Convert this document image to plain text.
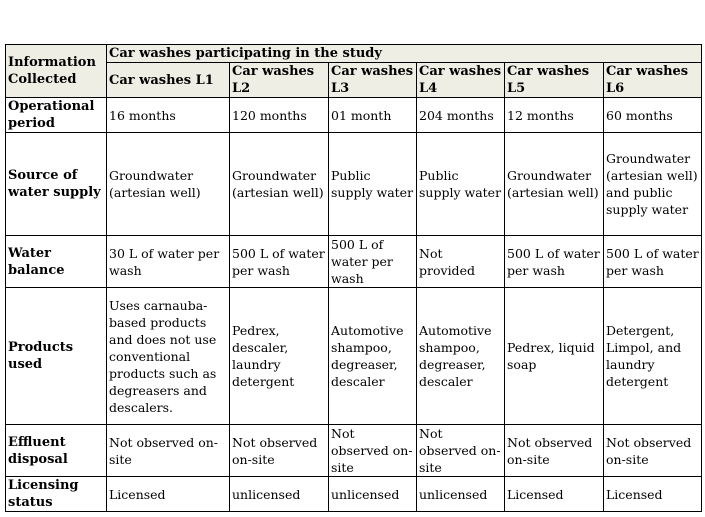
Information Collected	Car washes participating in the study					
	Car washes L1	Car washes L2	Car washes L3	Car washes L4	Car washes L5	Car washes L6
Operational period	16 months	120 months	01 month	204 months	12 months	60 months
Source of water supply	Groundwater (artesian well)	Groundwater (artesian well)	Public supply water	Public supply water	Groundwater (artesian well)	Groundwater (artesian well) and public supply water
Water balance	30 L of water per wash	500 L of water per wash	500 L of water per wash	Not provided	500 L of water per wash	500 L of water per wash
Products used	Uses carnauba-based products and does not use conventional products such as degreasers and descalers.	Pedrex, descaler, laundry detergent	Automotive shampoo, degreaser, descaler	Automotive shampoo, degreaser, descaler	Pedrex, liquid soap	Detergent, Limpol, and laundry detergent
Effluent disposal	Not observed on-site	Not observed on-site	Not observed on-site	Not observed on-site	Not observed on-site	Not observed on-site
Licensing status	Licensed	unlicensed	unlicensed	unlicensed	Licensed	Licensed
